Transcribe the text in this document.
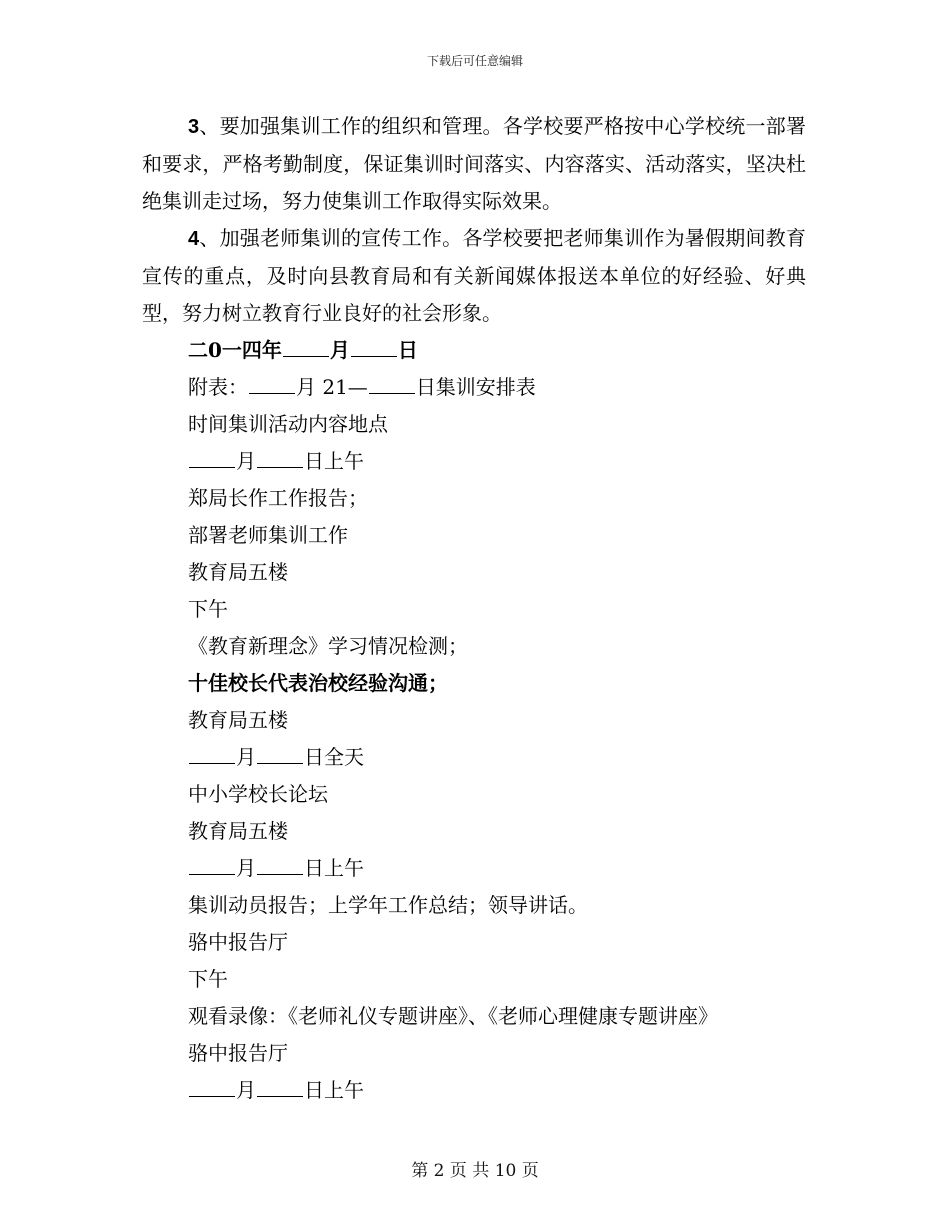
下载后可任意编辑

3、要加强集训工作的组织和管理。各学校要严格按中心学校统一部署和要求，严格考勤制度，保证集训时间落实、内容落实、活动落实，坚决杜绝集训走过场，努力使集训工作取得实际效果。

4、加强老师集训的宣传工作。各学校要把老师集训作为暑假期间教育宣传的重点，及时向县教育局和有关新闻媒体报送本单位的好经验、好典型，努力树立教育行业良好的社会形象。

二0一四年 月 日
附表： 月 21— 日集训安排表
时间集训活动内容地点
月 日上午
郑局长作工作报告；
部署老师集训工作
教育局五楼
下午
《教育新理念》学习情况检测；
十佳校长代表治校经验沟通；
教育局五楼
月 日全天
中小学校长论坛
教育局五楼
月 日上午
集训动员报告；上学年工作总结；领导讲话。
骆中报告厅
下午
观看录像：《老师礼仪专题讲座》、《老师心理健康专题讲座》
骆中报告厅
月 日上午
第 2 页 共 10 页
